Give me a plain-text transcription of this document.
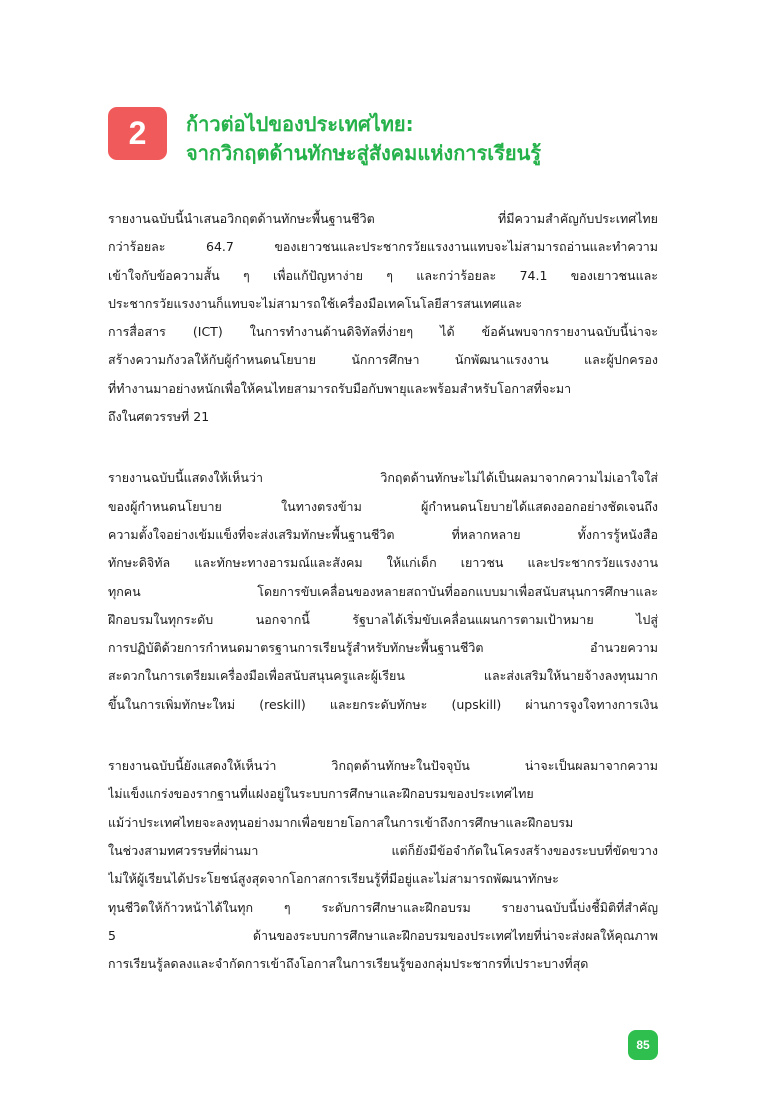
2	ก้าวต่อไปของประเทศไทย:
จากวิกฤตด้านทักษะสู่สังคมแห่งการเรียนรู้
รายงานฉบับนี้นำเสนอวิกฤตด้านทักษะพื้นฐานชีวิต ที่มีความสำคัญกับประเทศไทย
กว่าร้อยละ 64.7 ของเยาวชนและประชากรวัยแรงงานแทบจะไม่สามารถอ่านและทำความ
เข้าใจกับข้อความสั้น ๆ เพื่อแก้ปัญหาง่าย ๆ และกว่าร้อยละ 74.1 ของเยาวชนและ
ประชากรวัยแรงงานก็แทบจะไม่สามารถใช้เครื่องมือเทคโนโลยีสารสนเทศและ
การสื่อสาร (ICT) ในการทำงานด้านดิจิทัลที่ง่ายๆ ได้ ข้อค้นพบจากรายงานฉบับนี้น่าจะ
สร้างความกังวลให้กับผู้กำหนดนโยบาย นักการศึกษา นักพัฒนาแรงงาน และผู้ปกครอง
ที่ทำงานมาอย่างหนักเพื่อให้คนไทยสามารถรับมือกับพายุและพร้อมสำหรับโอกาสที่จะมา
ถึงในศตวรรษที่ 21
รายงานฉบับนี้แสดงให้เห็นว่า วิกฤตด้านทักษะไม่ได้เป็นผลมาจากความไม่เอาใจใส่
ของผู้กำหนดนโยบาย ในทางตรงข้าม ผู้กำหนดนโยบายได้แสดงออกอย่างชัดเจนถึง
ความตั้งใจอย่างเข้มแข็งที่จะส่งเสริมทักษะพื้นฐานชีวิต ที่หลากหลาย ทั้งการรู้หนังสือ
ทักษะดิจิทัล และทักษะทางอารมณ์และสังคม ให้แก่เด็ก เยาวชน และประชากรวัยแรงงาน
ทุกคน โดยการขับเคลื่อนของหลายสถาบันที่ออกแบบมาเพื่อสนับสนุนการศึกษาและ
ฝึกอบรมในทุกระดับ นอกจากนี้ รัฐบาลได้เริ่มขับเคลื่อนแผนการตามเป้าหมาย ไปสู่
การปฏิบัติด้วยการกำหนดมาตรฐานการเรียนรู้สำหรับทักษะพื้นฐานชีวิต อำนวยความ
สะดวกในการเตรียมเครื่องมือเพื่อสนับสนุนครูและผู้เรียน และส่งเสริมให้นายจ้างลงทุนมาก
ขึ้นในการเพิ่มทักษะใหม่ (reskill) และยกระดับทักษะ (upskill) ผ่านการจูงใจทางการเงิน
รายงานฉบับนี้ยังแสดงให้เห็นว่า วิกฤตด้านทักษะในปัจจุบัน น่าจะเป็นผลมาจากความ
ไม่แข็งแกร่งของรากฐานที่แฝงอยู่ในระบบการศึกษาและฝึกอบรมของประเทศไทย
แม้ว่าประเทศไทยจะลงทุนอย่างมากเพื่อขยายโอกาสในการเข้าถึงการศึกษาและฝึกอบรม
ในช่วงสามทศวรรษที่ผ่านมา แต่ก็ยังมีข้อจำกัดในโครงสร้างของระบบที่ขัดขวาง
ไม่ให้ผู้เรียนได้ประโยชน์สูงสุดจากโอกาสการเรียนรู้ที่มีอยู่และไม่สามารถพัฒนาทักษะ
ทุนชีวิตให้ก้าวหน้าได้ในทุก ๆ ระดับการศึกษาและฝึกอบรม รายงานฉบับนี้บ่งชี้มิติที่สำคัญ
5 ด้านของระบบการศึกษาและฝึกอบรมของประเทศไทยที่น่าจะส่งผลให้คุณภาพ
การเรียนรู้ลดลงและจำกัดการเข้าถึงโอกาสในการเรียนรู้ของกลุ่มประชากรที่เปราะบางที่สุด
85
